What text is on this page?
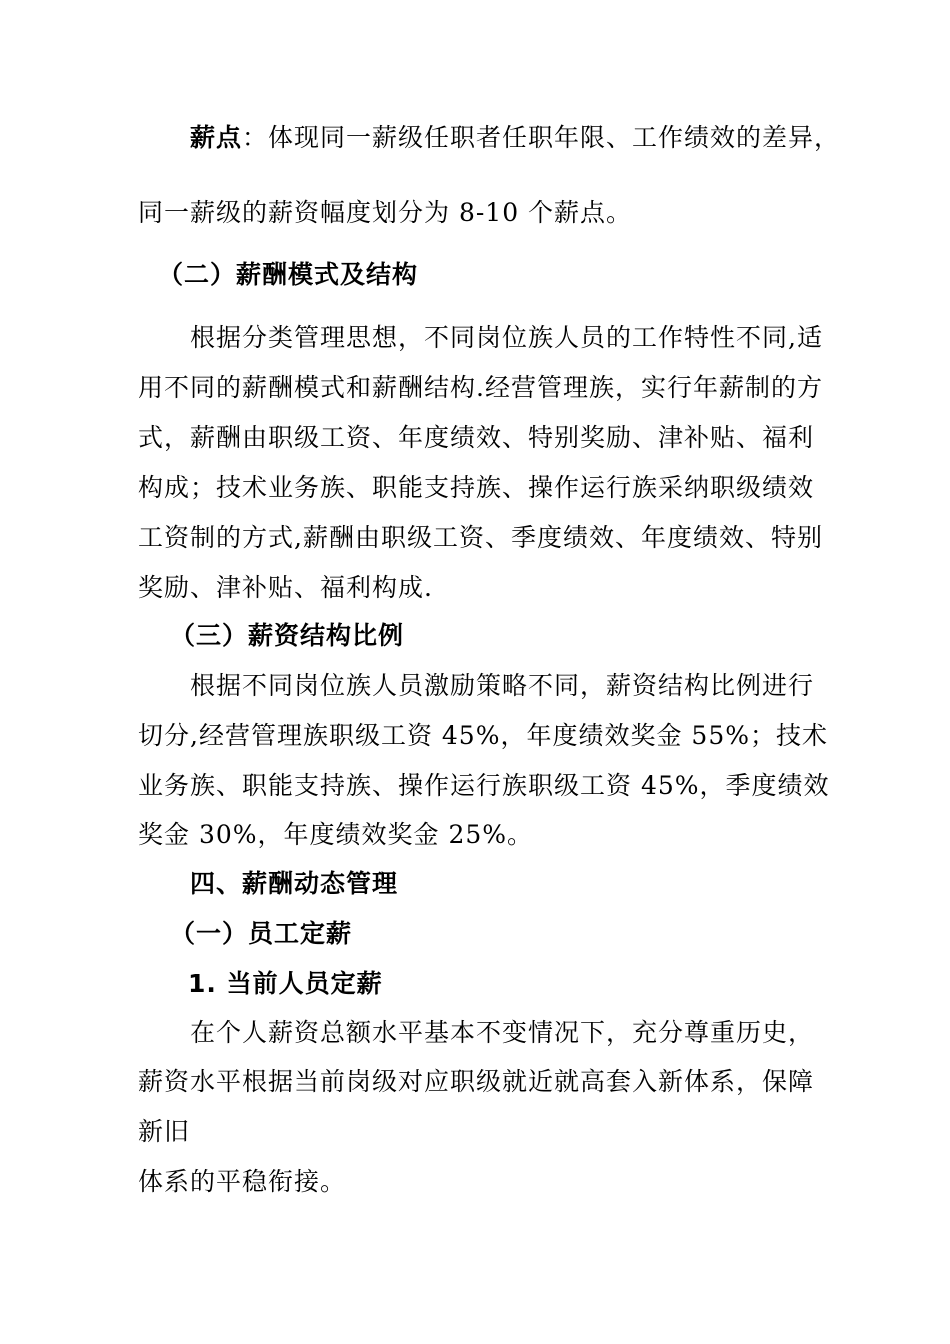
薪点：体现同一薪级任职者任职年限、工作绩效的差异，
同一薪级的薪资幅度划分为 8-10 个薪点。
（二）薪酬模式及结构
根据分类管理思想，不同岗位族人员的工作特性不同,适
用不同的薪酬模式和薪酬结构.经营管理族，实行年薪制的方
式，薪酬由职级工资、年度绩效、特别奖励、津补贴、福利
构成；技术业务族、职能支持族、操作运行族采纳职级绩效
工资制的方式,薪酬由职级工资、季度绩效、年度绩效、特别
奖励、津补贴、福利构成.
（三）薪资结构比例
根据不同岗位族人员激励策略不同，薪资结构比例进行
切分,经营管理族职级工资 45%，年度绩效奖金 55%；技术
业务族、职能支持族、操作运行族职级工资 45%，季度绩效
奖金 30%，年度绩效奖金 25%。
四、薪酬动态管理
（一）员工定薪
1. 当前人员定薪
在个人薪资总额水平基本不变情况下，充分尊重历史，
薪资水平根据当前岗级对应职级就近就高套入新体系，保障
新旧
体系的平稳衔接。
